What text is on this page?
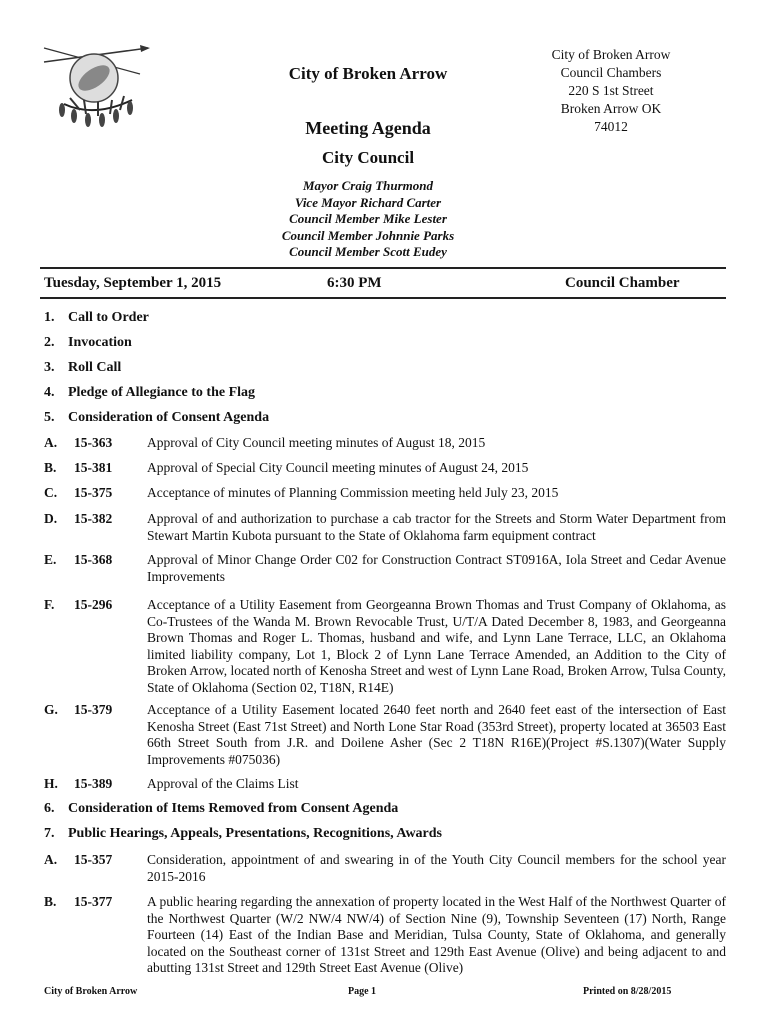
City of Broken Arrow
Meeting Agenda
City Council
Mayor Craig Thurmond
Vice Mayor Richard Carter
Council Member Mike Lester
Council Member Johnnie Parks
Council Member Scott Eudey
City of Broken Arrow
Council Chambers
220 S 1st Street
Broken Arrow OK
74012
Tuesday, September 1, 2015	6:30 PM	Council Chamber
1. Call to Order
2. Invocation
3. Roll Call
4. Pledge of Allegiance to the Flag
5. Consideration of Consent Agenda
A. 15-363	Approval of City Council meeting minutes of August 18, 2015
B. 15-381	Approval of Special City Council meeting minutes of August 24, 2015
C. 15-375	Acceptance of minutes of Planning Commission meeting held July 23, 2015
D. 15-382	Approval of and authorization to purchase a cab tractor for the Streets and Storm Water Department from Stewart Martin Kubota pursuant to the State of Oklahoma farm equipment contract
E. 15-368	Approval of Minor Change Order C02 for Construction Contract ST0916A, Iola Street and Cedar Avenue Improvements
F. 15-296	Acceptance of a Utility Easement from Georgeanna Brown Thomas and Trust Company of Oklahoma, as Co-Trustees of the Wanda M. Brown Revocable Trust, U/T/A Dated December 8, 1983, and Georgeanna Brown Thomas and Roger L. Thomas, husband and wife, and Lynn Lane Terrace, LLC, an Oklahoma limited liability company, Lot 1, Block 2 of Lynn Lane Terrace Amended, an Addition to the City of Broken Arrow, located north of Kenosha Street and west of Lynn Lane Road, Broken Arrow, Tulsa County, State of Oklahoma (Section 02, T18N, R14E)
G. 15-379	Acceptance of a Utility Easement located 2640 feet north and 2640 feet east of the intersection of East Kenosha Street (East 71st Street) and North Lone Star Road (353rd Street), property located at 36503 East 66th Street South from J.R. and Doilene Asher (Sec 2 T18N R16E)(Project #S.1307)(Water Supply Improvements #075036)
H. 15-389	Approval of the Claims List
6. Consideration of Items Removed from Consent Agenda
7. Public Hearings, Appeals, Presentations, Recognitions, Awards
A. 15-357	Consideration, appointment of and swearing in of the Youth City Council members for the school year 2015-2016
B. 15-377	A public hearing regarding the annexation of property located in the West Half of the Northwest Quarter of the Northwest Quarter (W/2 NW/4 NW/4) of Section Nine (9), Township Seventeen (17) North, Range Fourteen (14) East of the Indian Base and Meridian, Tulsa County, State of Oklahoma, and generally located on the Southeast corner of 131st Street and 129th East Avenue (Olive) and being adjacent to and abutting 131st Street and 129th Street East Avenue (Olive)
City of Broken Arrow	Page 1	Printed on 8/28/2015
